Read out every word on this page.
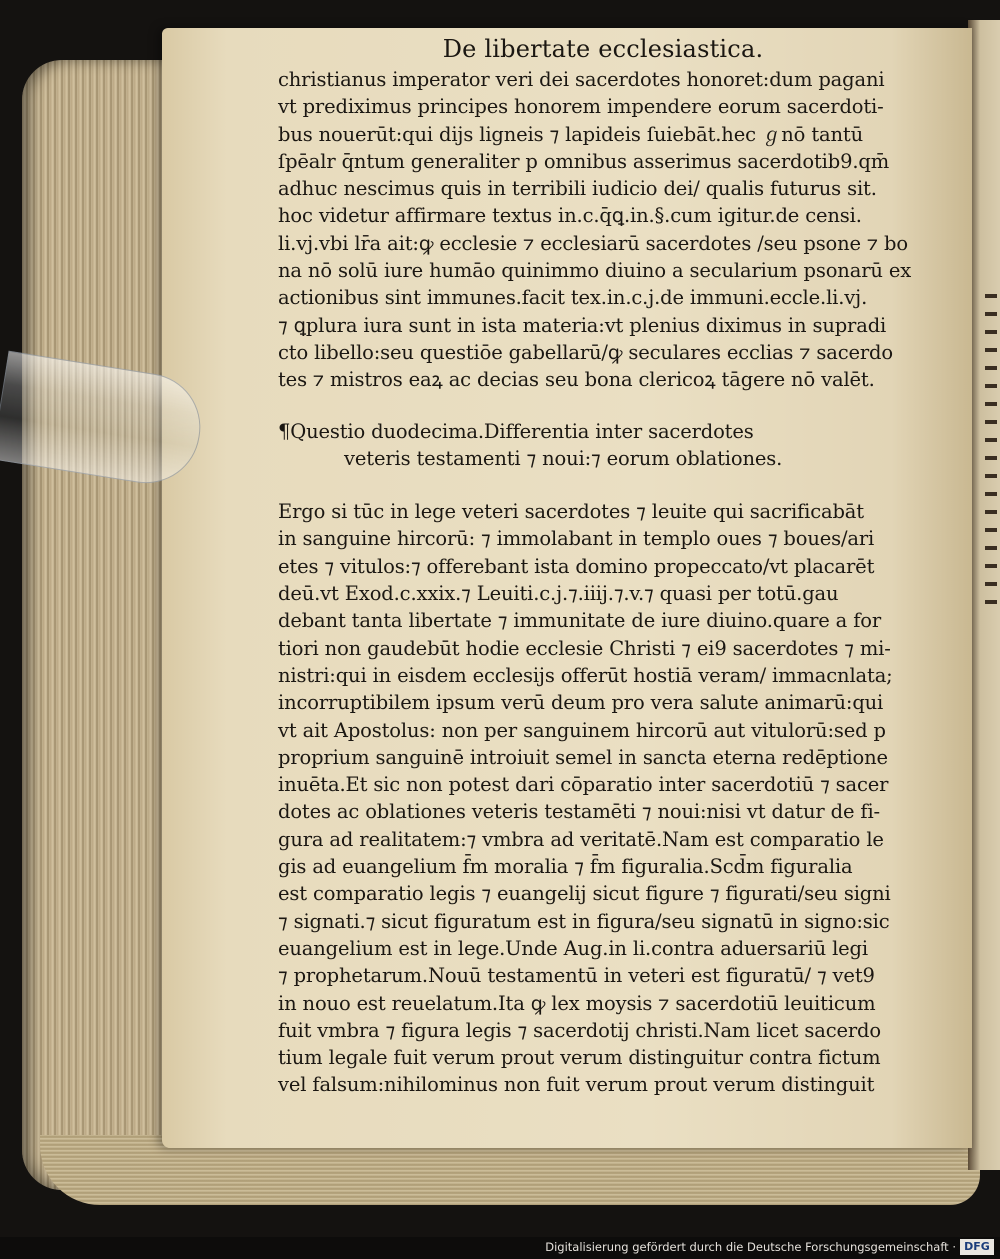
De libertate ecclesiastica.
christianus imperator veri dei sacerdotes honoret:dum pagani
vt prediximus principes honorem impendere eorum sacerdoti-
bus nouerūt:qui dijs ligneis ⁊ lapideis ſuiebāt.hec ℊnō tantū
ſpēalr q̄ntum generaliter p omnibus asserimus sacerdotib9.qm̄
adhuc nescimus quis in terribili iudicio dei/ qualis futurus sit.
hoc videtur affirmare textus in.c.q̄ꝗ.in.§.cum igitur.de censi.
li.vj.vbi lr̄a ait:ꝙ ecclesie ⁊ ecclesiarū sacerdotes /seu psone ⁊ bo
na nō solū iure humāo quinimmo diuino a secularium psonarū ex
actionibus sint immunes.facit tex.in.c.j.de immuni.eccle.li.vj.
⁊ ꝗplura iura sunt in ista materia:vt plenius diximus in supradi
cto libello:seu questiōe gabellarū/ꝙ seculares ecclias ⁊ sacerdo
tes ⁊ mistros eaꝝ ac decias seu bona clericoꝝ tāgere nō valēt.
¶Questio duodecima.Differentia inter sacerdotes
veteris testamenti ⁊ noui:⁊ eorum oblationes.
Ergo si tūc in lege veteri sacerdotes ⁊ leuite qui sacrificabāt
in sanguine hircorū: ⁊ immolabant in templo oues ⁊ boues/ari
etes ⁊ vitulos:⁊ offerebant ista domino propeccato/vt placarēt
deū.vt Exod.c.xxix.⁊ Leuiti.c.j.⁊.iiij.⁊.v.⁊ quasi per totū.gau
debant tanta libertate ⁊ immunitate de iure diuino.quare a for
tiori non gaudebūt hodie ecclesie Christi ⁊ ei9 sacerdotes ⁊ mi-
nistri:qui in eisdem ecclesijs offerūt hostiā veram/ immacnlata;
incorruptibilem ipsum verū deum pro vera salute animarū:qui
vt ait Apostolus: non per sanguinem hircorū aut vitulorū:sed p
proprium sanguinē introiuit semel in sancta eterna redēptione
inuēta.Et sic non potest dari cōparatio inter sacerdotiū ⁊ sacer
dotes ac oblationes veteris testamēti ⁊ noui:nisi vt datur de fi-
gura ad realitatem:⁊ vmbra ad veritatē.Nam est comparatio le
gis ad euangelium f̄m moralia ⁊ f̄m figuralia.Scd̄m figuralia
est comparatio legis ⁊ euangelij sicut figure ⁊ figurati/seu signi
⁊ signati.⁊ sicut figuratum est in figura/seu signatū in signo:sic
euangelium est in lege.Unde Aug.in li.contra aduersariū legi
⁊ prophetarum.Nouū testamentū in veteri est figuratū/ ⁊ vet9
in nouo est reuelatum.Ita ꝙ lex moysis ⁊ sacerdotiū leuiticum
fuit vmbra ⁊ figura legis ⁊ sacerdotij christi.Nam licet sacerdo
tium legale fuit verum prout verum distinguitur contra fictum
vel falsum:nihilominus non fuit verum prout verum distinguit
Digitalisierung gefördert durch die Deutsche Forschungsgemeinschaft · DFG
